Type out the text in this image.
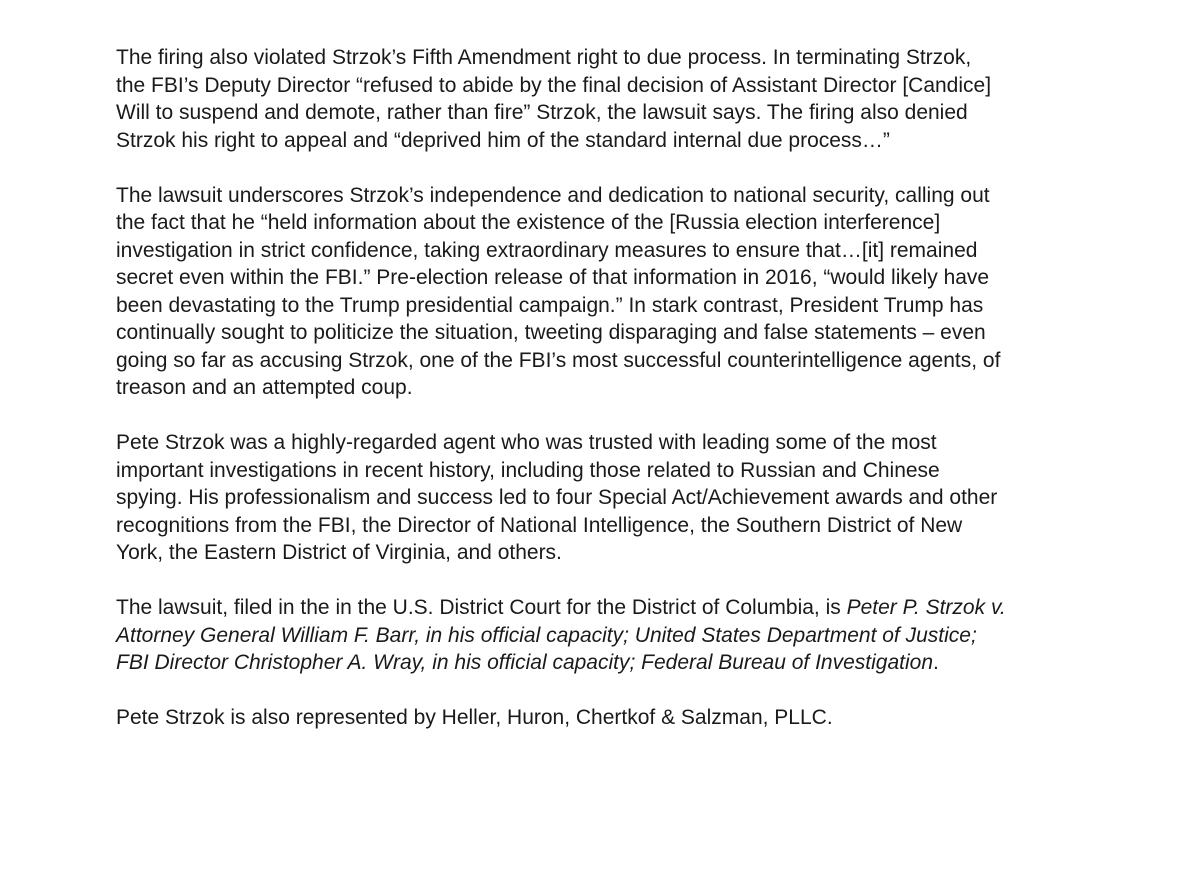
The firing also violated Strzok’s Fifth Amendment right to due process. In terminating Strzok,
the FBI’s Deputy Director “refused to abide by the final decision of Assistant Director [Candice]
Will to suspend and demote, rather than fire” Strzok, the lawsuit says. The firing also denied
Strzok his right to appeal and “deprived him of the standard internal due process…”

The lawsuit underscores Strzok’s independence and dedication to national security, calling out
the fact that he “held information about the existence of the [Russia election interference]
investigation in strict confidence, taking extraordinary measures to ensure that…[it] remained
secret even within the FBI.” Pre-election release of that information in 2016, “would likely have
been devastating to the Trump presidential campaign.” In stark contrast, President Trump has
continually sought to politicize the situation, tweeting disparaging and false statements – even
going so far as accusing Strzok, one of the FBI’s most successful counterintelligence agents, of
treason and an attempted coup.

Pete Strzok was a highly-regarded agent who was trusted with leading some of the most
important investigations in recent history, including those related to Russian and Chinese
spying. His professionalism and success led to four Special Act/Achievement awards and other
recognitions from the FBI, the Director of National Intelligence, the Southern District of New
York, the Eastern District of Virginia, and others.

The lawsuit, filed in the in the U.S. District Court for the District of Columbia, is Peter P. Strzok v.
Attorney General William F. Barr, in his official capacity; United States Department of Justice;
FBI Director Christopher A. Wray, in his official capacity; Federal Bureau of Investigation.

Pete Strzok is also represented by Heller, Huron, Chertkof & Salzman, PLLC.
